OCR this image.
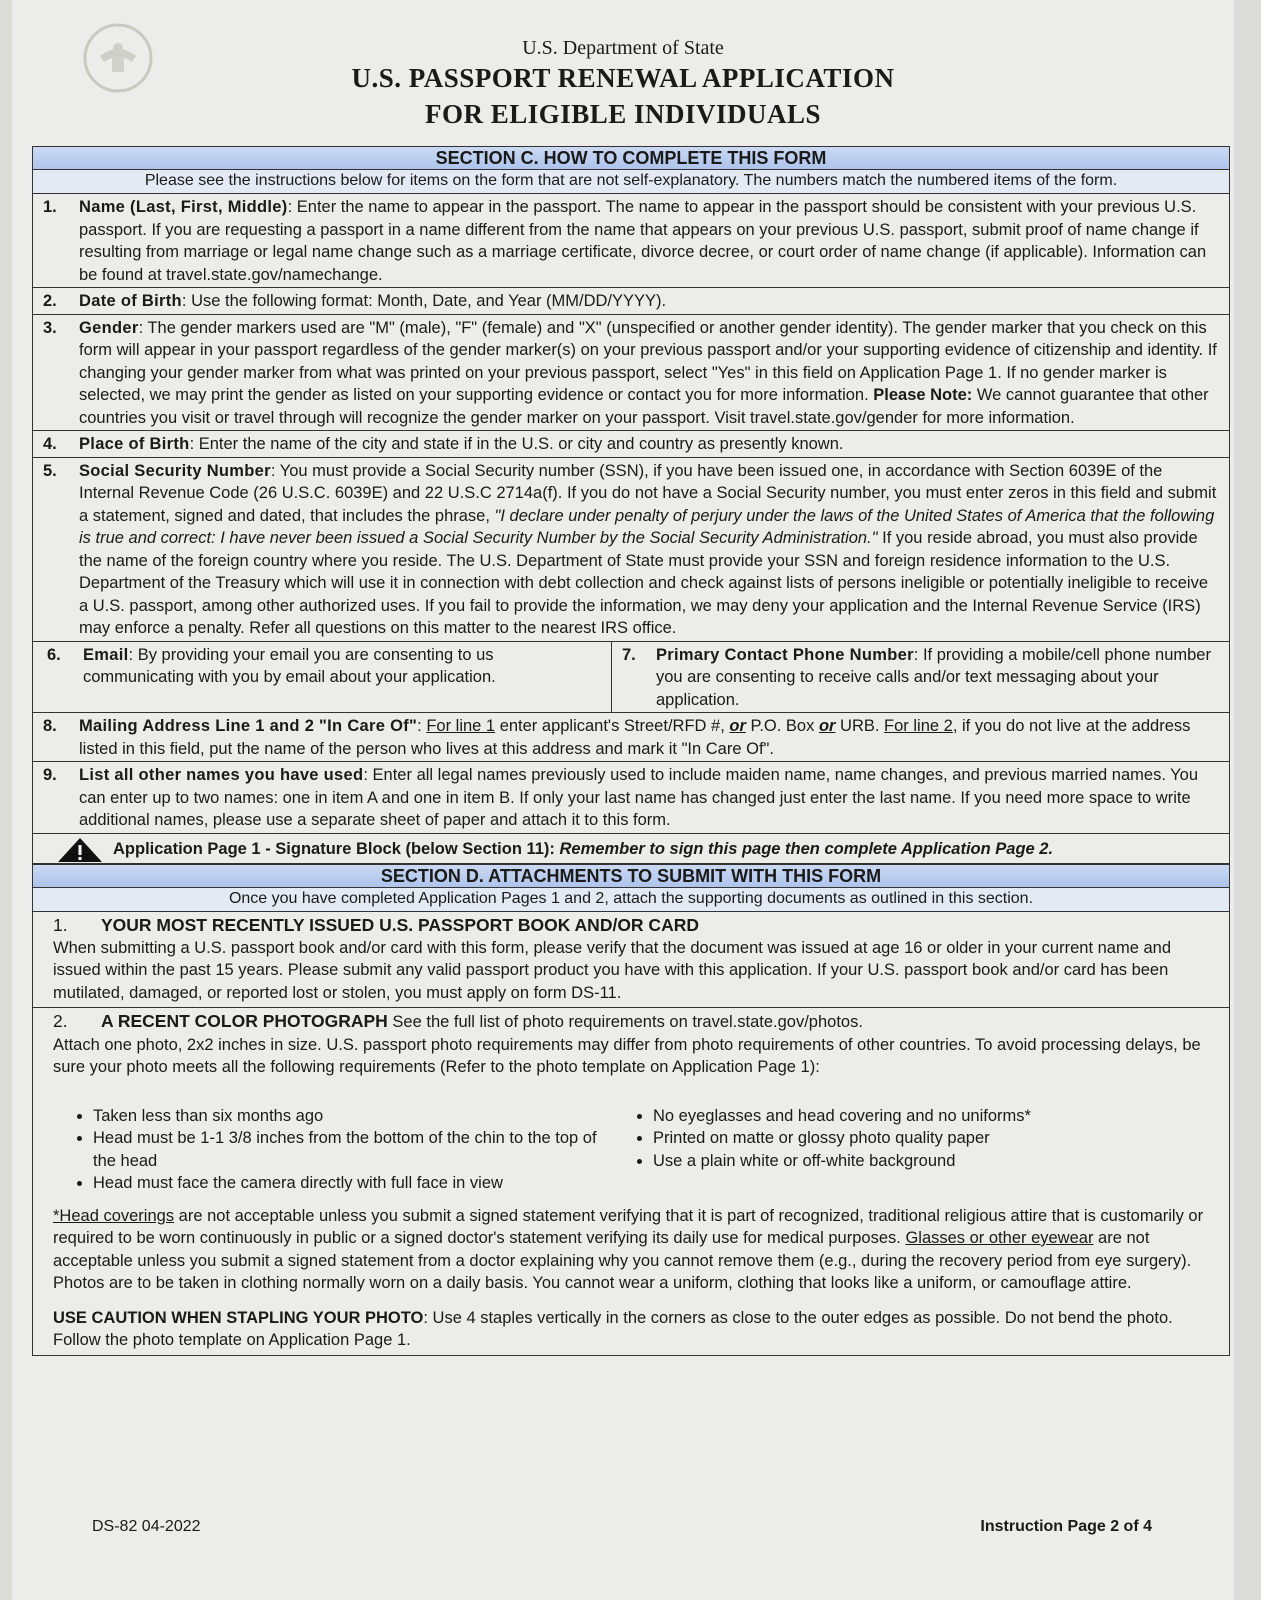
U.S. Department of State
U.S. PASSPORT RENEWAL APPLICATION
FOR ELIGIBLE INDIVIDUALS
SECTION C. HOW TO COMPLETE THIS FORM
Please see the instructions below for items on the form that are not self-explanatory. The numbers match the numbered items of the form.
1. Name (Last, First, Middle): Enter the name to appear in the passport. The name to appear in the passport should be consistent with your previous U.S. passport. If you are requesting a passport in a name different from the name that appears on your previous U.S. passport, submit proof of name change if resulting from marriage or legal name change such as a marriage certificate, divorce decree, or court order of name change (if applicable). Information can be found at travel.state.gov/namechange.
2. Date of Birth: Use the following format: Month, Date, and Year (MM/DD/YYYY).
3. Gender: The gender markers used are "M" (male), "F" (female) and "X" (unspecified or another gender identity). The gender marker that you check on this form will appear in your passport regardless of the gender marker(s) on your previous passport and/or your supporting evidence of citizenship and identity. If changing your gender marker from what was printed on your previous passport, select "Yes" in this field on Application Page 1. If no gender marker is selected, we may print the gender as listed on your supporting evidence or contact you for more information. Please Note: We cannot guarantee that other countries you visit or travel through will recognize the gender marker on your passport. Visit travel.state.gov/gender for more information.
4. Place of Birth: Enter the name of the city and state if in the U.S. or city and country as presently known.
5. Social Security Number: You must provide a Social Security number (SSN), if you have been issued one, in accordance with Section 6039E of the Internal Revenue Code (26 U.S.C. 6039E) and 22 U.S.C 2714a(f). If you do not have a Social Security number, you must enter zeros in this field and submit a statement, signed and dated, that includes the phrase, "I declare under penalty of perjury under the laws of the United States of America that the following is true and correct: I have never been issued a Social Security Number by the Social Security Administration." If you reside abroad, you must also provide the name of the foreign country where you reside. The U.S. Department of State must provide your SSN and foreign residence information to the U.S. Department of the Treasury which will use it in connection with debt collection and check against lists of persons ineligible or potentially ineligible to receive a U.S. passport, among other authorized uses. If you fail to provide the information, we may deny your application and the Internal Revenue Service (IRS) may enforce a penalty. Refer all questions on this matter to the nearest IRS office.
6. Email: By providing your email you are consenting to us communicating with you by email about your application.
7. Primary Contact Phone Number: If providing a mobile/cell phone number you are consenting to receive calls and/or text messaging about your application.
8. Mailing Address Line 1 and 2 "In Care Of": For line 1 enter applicant's Street/RFD #, or P.O. Box or URB. For line 2, if you do not live at the address listed in this field, put the name of the person who lives at this address and mark it "In Care Of".
9. List all other names you have used: Enter all legal names previously used to include maiden name, name changes, and previous married names. You can enter up to two names: one in item A and one in item B. If only your last name has changed just enter the last name. If you need more space to write additional names, please use a separate sheet of paper and attach it to this form.
Application Page 1 - Signature Block (below Section 11): Remember to sign this page then complete Application Page 2.
SECTION D. ATTACHMENTS TO SUBMIT WITH THIS FORM
Once you have completed Application Pages 1 and 2, attach the supporting documents as outlined in this section.
1. YOUR MOST RECENTLY ISSUED U.S. PASSPORT BOOK AND/OR CARD
When submitting a U.S. passport book and/or card with this form, please verify that the document was issued at age 16 or older in your current name and issued within the past 15 years. Please submit any valid passport product you have with this application. If your U.S. passport book and/or card has been mutilated, damaged, or reported lost or stolen, you must apply on form DS-11.
2. A RECENT COLOR PHOTOGRAPH See the full list of photo requirements on travel.state.gov/photos.
Attach one photo, 2x2 inches in size. U.S. passport photo requirements may differ from photo requirements of other countries. To avoid processing delays, be sure your photo meets all the following requirements (Refer to the photo template on Application Page 1):
• Taken less than six months ago
• Head must be 1-1 3/8 inches from the bottom of the chin to the top of the head
• Head must face the camera directly with full face in view
• No eyeglasses and head covering and no uniforms*
• Printed on matte or glossy photo quality paper
• Use a plain white or off-white background
*Head coverings are not acceptable unless you submit a signed statement verifying that it is part of recognized, traditional religious attire that is customarily or required to be worn continuously in public or a signed doctor's statement verifying its daily use for medical purposes. Glasses or other eyewear are not acceptable unless you submit a signed statement from a doctor explaining why you cannot remove them (e.g., during the recovery period from eye surgery). Photos are to be taken in clothing normally worn on a daily basis. You cannot wear a uniform, clothing that looks like a uniform, or camouflage attire.
USE CAUTION WHEN STAPLING YOUR PHOTO: Use 4 staples vertically in the corners as close to the outer edges as possible. Do not bend the photo. Follow the photo template on Application Page 1.
DS-82 04-2022	Instruction Page 2 of 4
